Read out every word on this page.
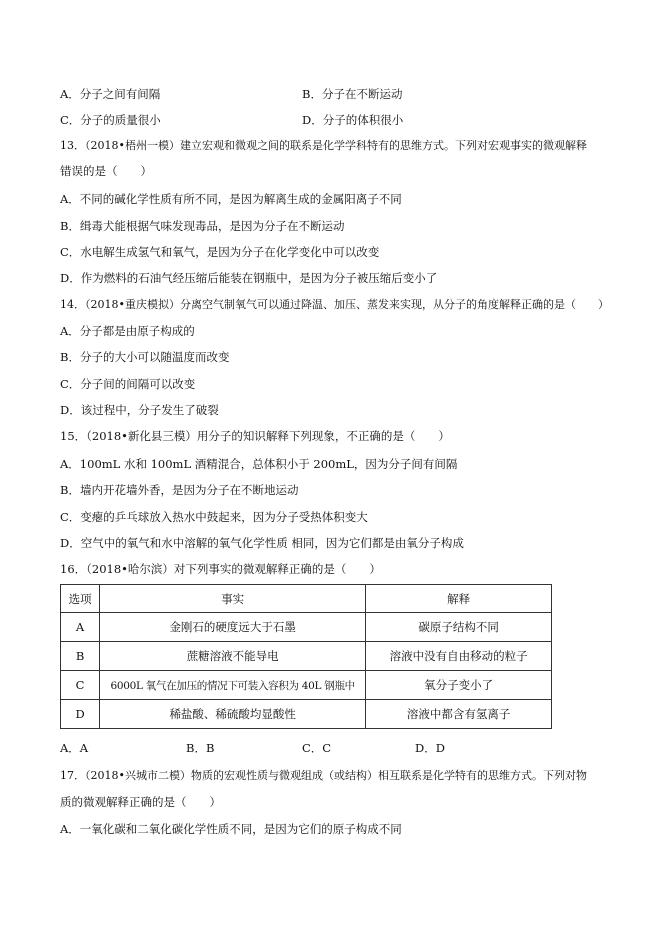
A．分子之间有间隔	B．分子在不断运动
C．分子的质量很小	D．分子的体积很小
13．（2018•梧州一模）建立宏观和微观之间的联系是化学学科特有的思维方式。下列对宏观事实的微观解释
错误的是（　　）
A．不同的碱化学性质有所不同，是因为解离生成的金属阳离子不同
B．缉毒犬能根据气味发现毒品，是因为分子在不断运动
C．水电解生成氢气和氧气，是因为分子在化学变化中可以改变
D．作为燃料的石油气经压缩后能装在钢瓶中，是因为分子被压缩后变小了
14．（2018•重庆模拟）分离空气制氧气可以通过降温、加压、蒸发来实现，从分子的角度解释正确的是（　　）
A．分子都是由原子构成的
B．分子的大小可以随温度而改变
C．分子间的间隔可以改变
D．该过程中，分子发生了破裂
15．（2018•新化县三模）用分子的知识解释下列现象，不正确的是（　　）
A．100mL 水和 100mL 酒精混合，总体积小于 200mL，因为分子间有间隔
B．墙内开花墙外香，是因为分子在不断地运动
C．变瘪的乒乓球放入热水中鼓起来，因为分子受热体积变大
D．空气中的氧气和水中溶解的氧气化学性质 相同，因为它们都是由氧分子构成
16．（2018•哈尔滨）对下列事实的微观解释正确的是（　　）
选项	事实	解释
A	金刚石的硬度远大于石墨	碳原子结构不同
B	蔗糖溶液不能导电	溶液中没有自由移动的粒子
C	6000L 氧气在加压的情况下可装入容积为 40L 钢瓶中	氧分子变小了
D	稀盐酸、稀硫酸均显酸性	溶液中都含有氢离子
A．A	B．B	C．C	D．D
17．（2018•兴城市二模）物质的宏观性质与微观组成（或结构）相互联系是化学特有的思维方式。下列对物
质的微观解释正确的是（　　）
A．一氧化碳和二氧化碳化学性质不同，是因为它们的原子构成不同
